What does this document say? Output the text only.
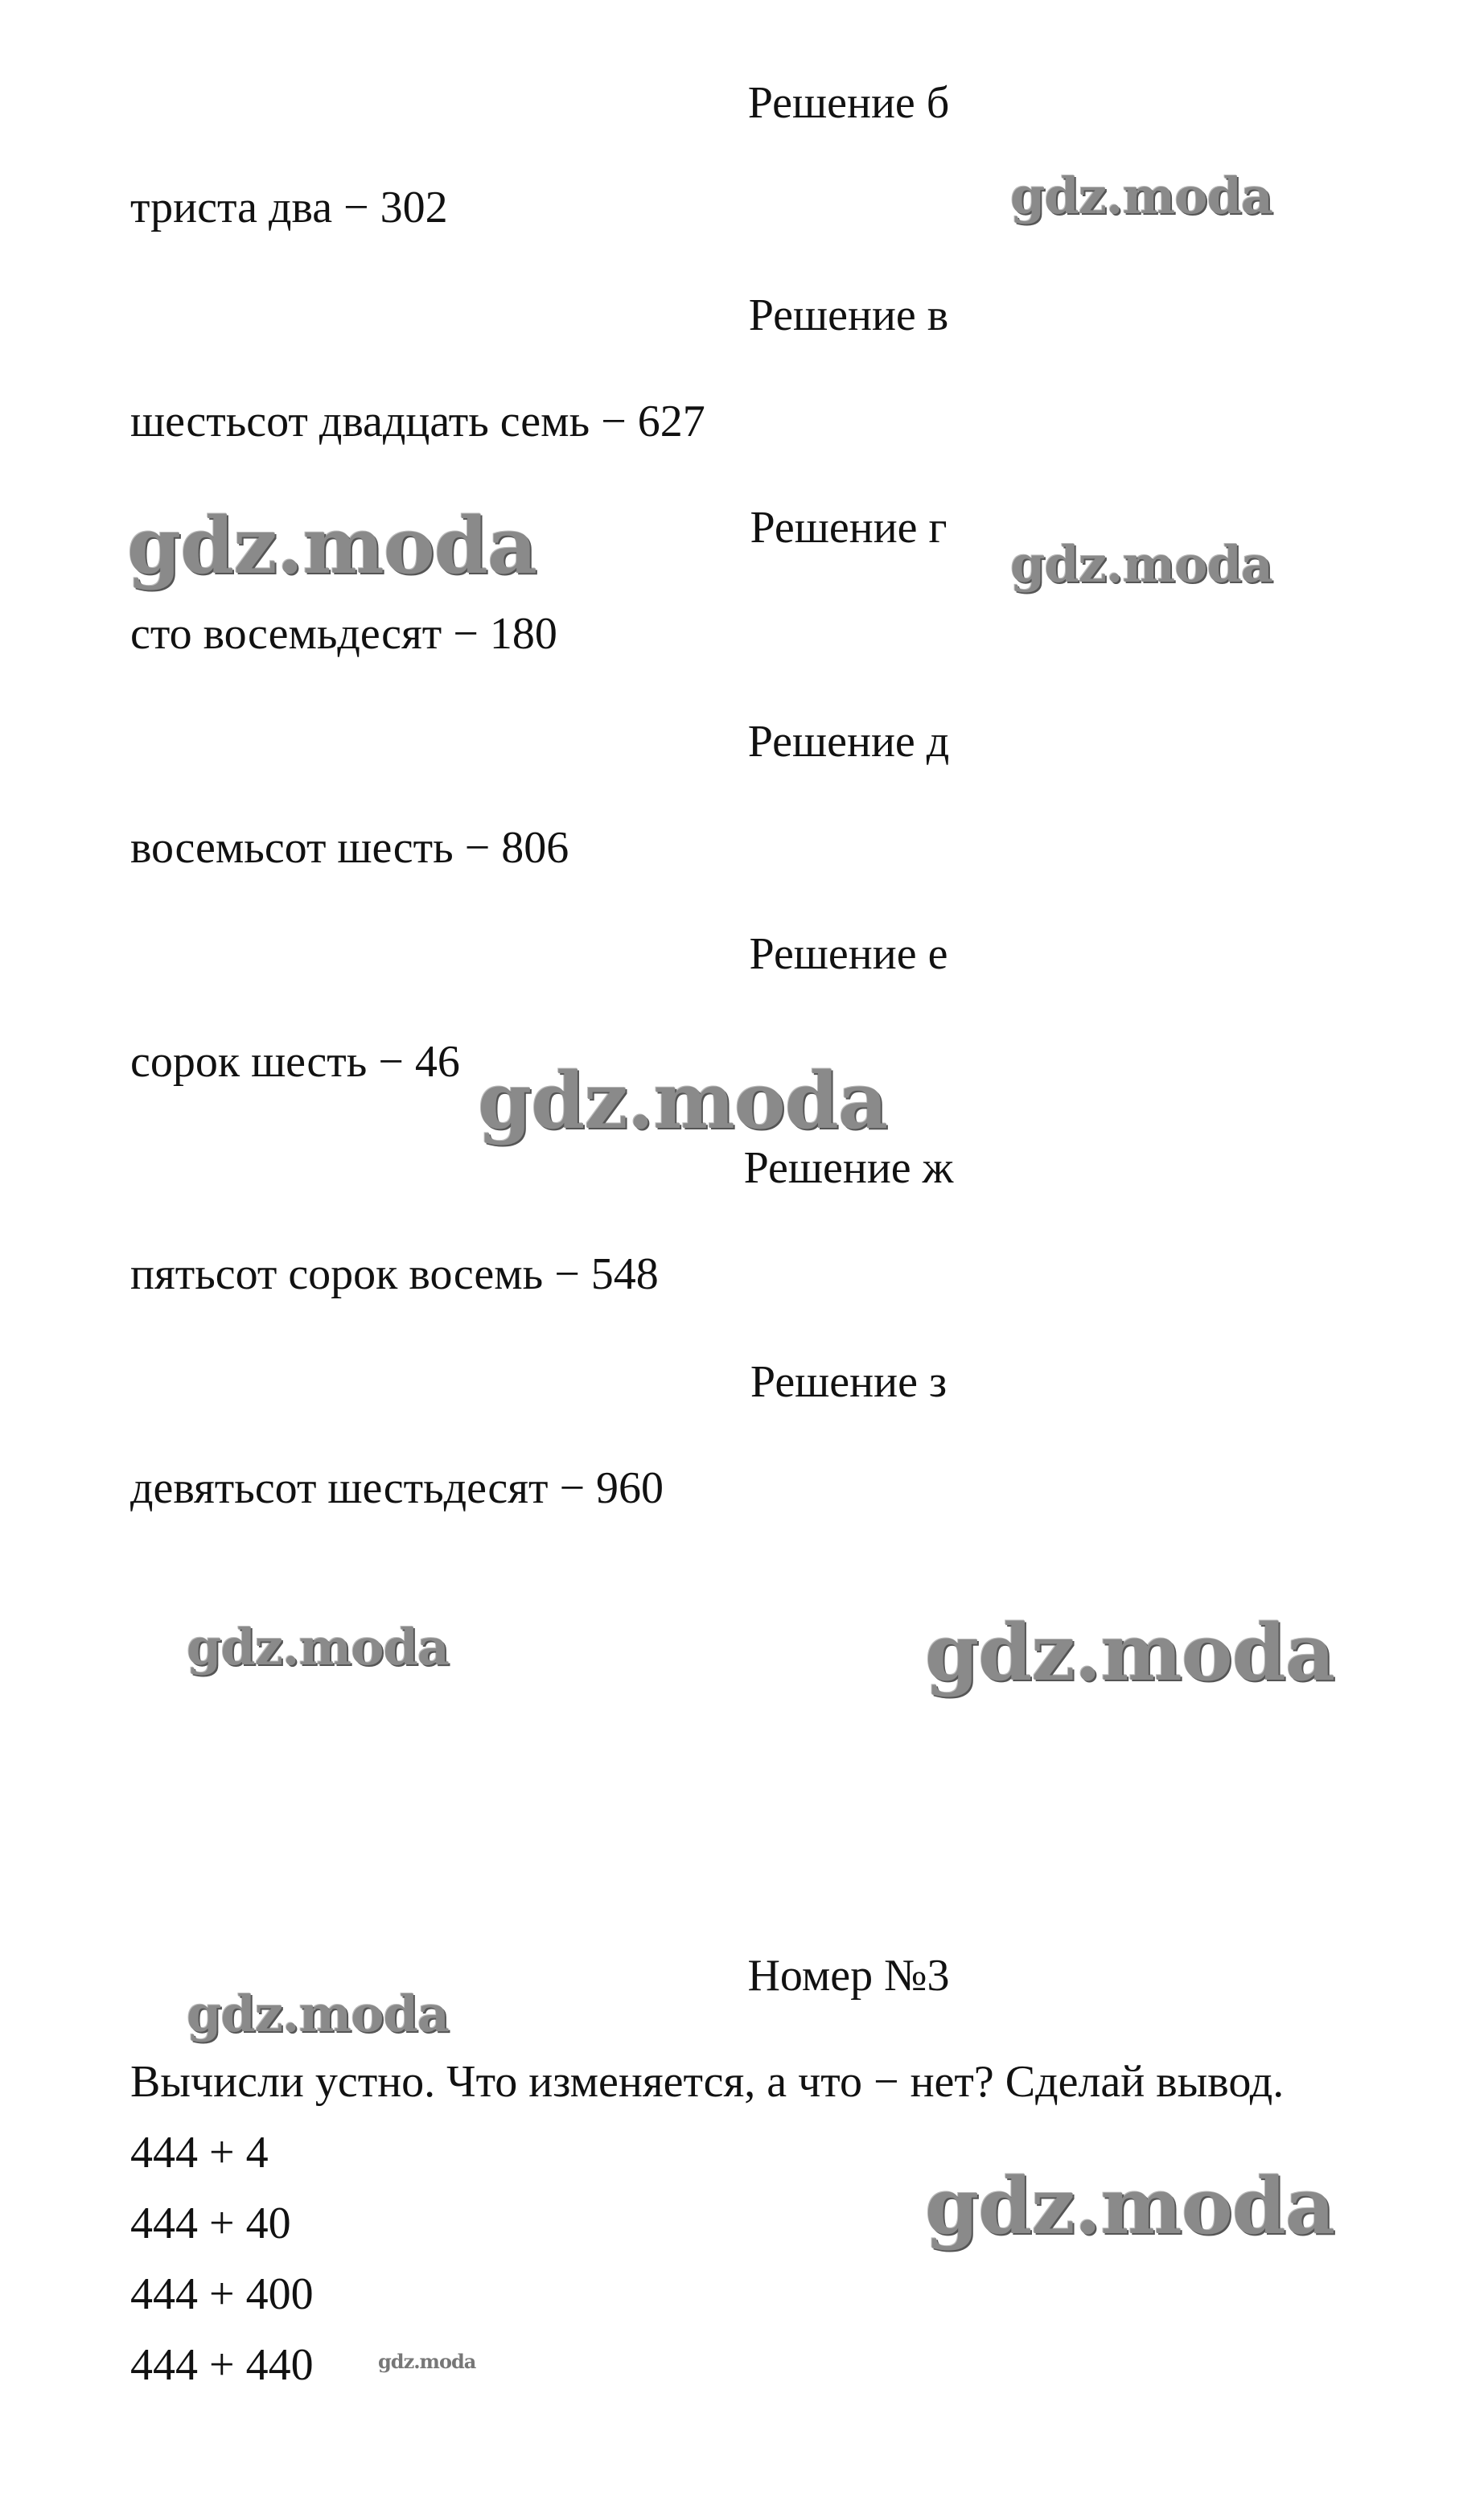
Решение б
триста два − 302
Решение в
шестьсот двадцать семь − 627
Решение г
сто восемьдесят − 180
Решение д
восемьсот шесть − 806
Решение е
сорок шесть − 46
Решение ж
пятьсот сорок восемь − 548
Решение з
девятьсот шестьдесят − 960
Номер №3
Вычисли устно. Что изменяется, а что − нет? Сделай вывод.
444 + 4
444 + 40
444 + 400
444 + 440
gdz.moda
gdz.moda	gdz.moda
gdz.moda
gdz.moda	gdz.moda
gdz.moda
gdz.moda
gdz.moda
